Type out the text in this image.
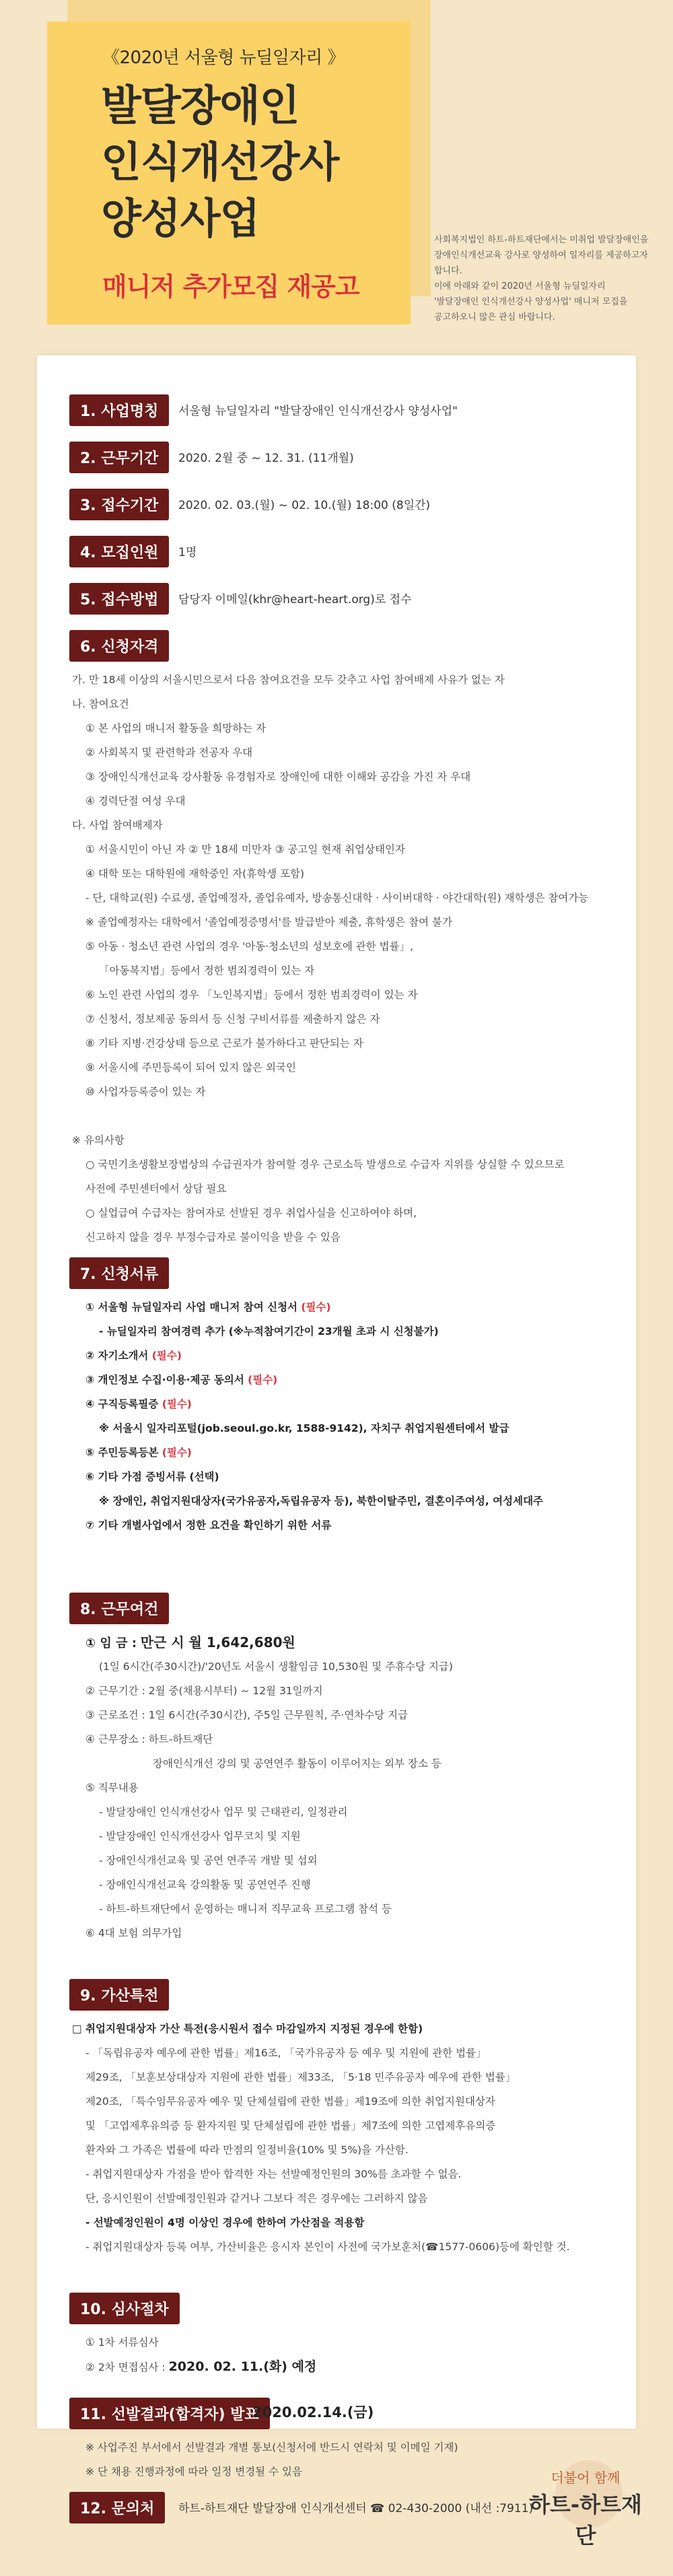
《2020년 서울형 뉴딜일자리 》
발달장애인
인식개선강사
양성사업
매니저 추가모집 재공고
사회복지법인 하트-하트재단에서는 미취업 발달장애인을
장애인식개선교육 강사로 양성하여 일자리를 제공하고자 합니다.
이에 아래와 같이 2020년 서울형 뉴딜일자리
'발달장애인 인식개선강사 양성사업' 매니저 모집을
공고하오니 많은 관심 바랍니다.
1. 사업명칭	서울형 뉴딜일자리 "발달장애인 인식개선강사 양성사업"
2. 근무기간	2020. 2월 중 ~ 12. 31. (11개월)
3. 접수기간	2020. 02. 03.(월) ~ 02. 10.(월) 18:00 (8일간)
4. 모집인원	1명
5. 접수방법	담당자 이메일(khr@heart-heart.org)로 접수
6. 신청자격
가. 만 18세 이상의 서울시민으로서 다음 참여요건을 모두 갖추고 사업 참여배제 사유가 없는 자
나. 참여요건
① 본 사업의 매니저 활동을 희망하는 자
② 사회복지 및 관련학과 전공자 우대
③ 장애인식개선교육 강사활동 유경험자로 장애인에 대한 이해와 공감을 가진 자 우대
④ 경력단절 여성 우대
다. 사업 참여배제자
① 서울시민이 아닌 자 ② 만 18세 미만자 ③ 공고일 현재 취업상태인자
④ 대학 또는 대학원에 재학중인 자(휴학생 포함)
- 단, 대학교(원) 수료생, 졸업예정자, 졸업유예자, 방송통신대학 · 사이버대학 · 야간대학(원) 재학생은 참여가능
※ 졸업예정자는 대학에서 '졸업예정증명서'를 발급받아 제출, 휴학생은 참여 불가
⑤ 아동 · 청소년 관련 사업의 경우 '아동·청소년의 성보호에 관한 법률」,
「아동복지법」등에서 정한 범죄경력이 있는 자
⑥ 노인 관련 사업의 경우 「노인복지법」등에서 정한 범죄경력이 있는 자
⑦ 신청서, 정보제공 동의서 등 신청 구비서류를 제출하지 않은 자
⑧ 기타 지병·건강상태 등으로 근로가 불가하다고 판단되는 자
⑨ 서울시에 주민등록이 되어 있지 않은 외국인
⑩ 사업자등록증이 있는 자
※ 유의사항
○ 국민기초생활보장법상의 수급권자가 참여할 경우 근로소득 발생으로 수급자 지위를 상실할 수 있으므로
사전에 주민센터에서 상담 필요
○ 실업급여 수급자는 참여자로 선발된 경우 취업사실을 신고하여야 하며,
신고하지 않을 경우 부정수급자로 불이익을 받을 수 있음
7. 신청서류
① 서울형 뉴딜일자리 사업 매니저 참여 신청서 (필수)
- 뉴딜일자리 참여경력 추가 (※누적참여기간이 23개월 초과 시 신청불가)
② 자기소개서 (필수)
③ 개인정보 수집·이용·제공 동의서 (필수)
④ 구직등록필증 (필수)
※ 서울시 일자리포털(job.seoul.go.kr, 1588-9142), 자치구 취업지원센터에서 발급
⑤ 주민등록등본 (필수)
⑥ 기타 가점 증빙서류 (선택)
※ 장애인, 취업지원대상자(국가유공자,독립유공자 등), 북한이탈주민, 결혼이주여성, 여성세대주
⑦ 기타 개별사업에서 정한 요건을 확인하기 위한 서류
8. 근무여건
① 임 금 : 만근 시 월 1,642,680원
(1일 6시간(주30시간)/'20년도 서울시 생활임금 10,530원 및 주휴수당 지급)
② 근무기간 : 2월 중(채용시부터) ~ 12월 31일까지
③ 근로조건 : 1일 6시간(주30시간), 주5일 근무원칙, 주·연차수당 지급
④ 근무장소 : 하트-하트재단
장애인식개선 강의 및 공연연주 활동이 이루어지는 외부 장소 등
⑤ 직무내용
- 발달장애인 인식개선강사 업무 및 근태관리, 일정관리
- 발달장애인 인식개선강사 업무코치 및 지원
- 장애인식개선교육 및 공연 연주곡 개발 및 섭외
- 장애인식개선교육 강의활동 및 공연연주 진행
- 하트-하트재단에서 운영하는 매니저 직무교육 프로그램 참석 등
⑥ 4대 보험 의무가입
9. 가산특전
□ 취업지원대상자 가산 특전(응시원서 접수 마감일까지 지정된 경우에 한함)
- 「독립유공자 예우에 관한 법률」제16조, 「국가유공자 등 예우 및 지원에 관한 법률」
제29조, 「보훈보상대상자 지원에 관한 법률」제33조, 「5·18 민주유공자 예우에 관한 법률」
제20조, 「특수임무유공자 예우 및 단체설립에 관한 법률」제19조에 의한 취업지원대상자
및 「고엽제후유의증 등 환자지원 및 단체설립에 관한 법률」제7조에 의한 고엽제후유의증
환자와 그 가족은 법률에 따라 만점의 일정비율(10% 및 5%)을 가산함.
- 취업지원대상자 가점을 받아 합격한 자는 선발예정인원의 30%를 초과할 수 없음.
단, 응시인원이 선발예정인원과 같거나 그보다 적은 경우에는 그러하지 않음
- 선발예정인원이 4명 이상인 경우에 한하여 가산점을 적용함
- 취업지원대상자 등록 여부, 가산비율은 응시자 본인이 사전에 국가보훈처(☎1577-0606)등에 확인할 것.
10. 심사절차
① 1차 서류심사
② 2차 면접심사 : 2020. 02. 11.(화) 예정
11. 선발결과(합격자) 발표
2020.02.14.(금)
※ 사업주진 부서에서 선발결과 개별 통보(신청서에 반드시 연락처 및 이메일 기재)
※ 단 채용 진행과정에 따라 일정 변경될 수 있음
12. 문의처	하트-하트재단 발달장애 인식개선센터 ☎ 02-430-2000 (내선 :7911)
더불어 함께
하트-하트재단
